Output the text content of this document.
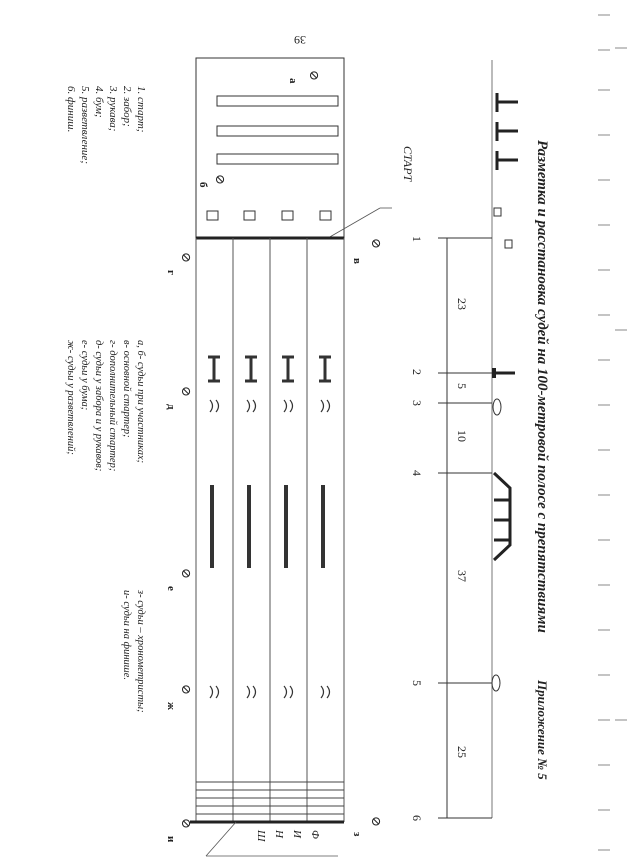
39
Разметка и расстановка судей на 100-метровой полосе с препятствиями
Приложение № 5
1
2
3
4
5
6
23
5
10
37
25
⊘
а
⊘
б
СТАРТ
Ф
И
Н
Ш
⊘
в
⊘
г
⊘
д
⊘
е
⊘
ж
⊘
з
⊘
и
1. старт;
2. забор;
3. рукава;
4. бум;
5. разветвление;
6. финиш.
а, б- судьи при участниках;
в- основной стартер;
г- дополнительный стартер;
д- судьи у забора и у рукавов;
е- судьи у бума;
ж- судьи у разветвлений;
з- судьи – хронометристы;
и- судьи на финише.
